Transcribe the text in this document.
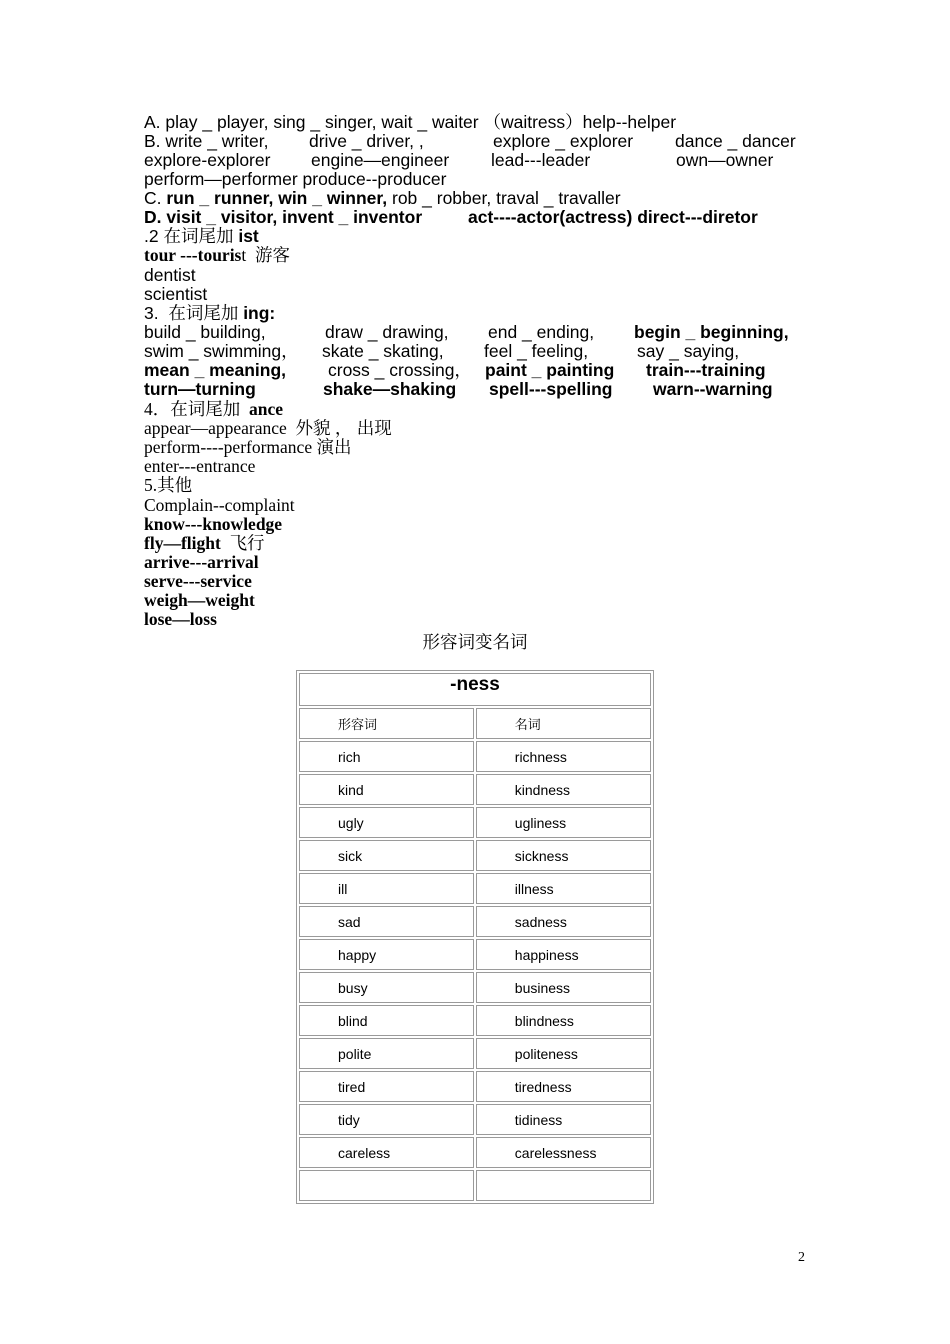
A. play _ player, sing _ singer, wait _ waiter （waitress）help--helper
B. write _ writer, drive _ driver, ,	explore _ explorer dance _ dancer
explore-explorer engine—engineer lead---leader	own—owner
perform—performer produce--producer
C. run _ runner, win _ winner, rob _ robber, traval _ travaller
D. visit _ visitor, invent _ inventor	act----actor(actress) direct---diretor
.2 在词尾加 ist
tour ---tourist  游客
dentist
scientist
3.  在词尾加 ing:
build _ building,	draw _ drawing, end _ ending, begin _ beginning,
swim _ swimming， skate _ skating, feel _ feeling,	say _ saying,
mean _ meaning, cross _ crossing， paint _ painting train---training
turn—turning	shake—shaking spell---spelling warn--warning
4．在词尾加  ance
appear—appearance  外貌 ， 出现
perform----performance 演出
enter---entrance
5.其他
Complain--complaint
know---knowledge
fly—flight  飞行
arrive---arrival
serve---service
weigh—weight
lose—loss
形容词变名词
-ness	
形容词	名词
rich	richness
kind	kindness
ugly	ugliness
sick	sickness
ill	illness
sad	sadness
happy	happiness
busy	business
blind	blindness
polite	politeness
tired	tiredness
tidy	tidiness
careless	carelessness

2
